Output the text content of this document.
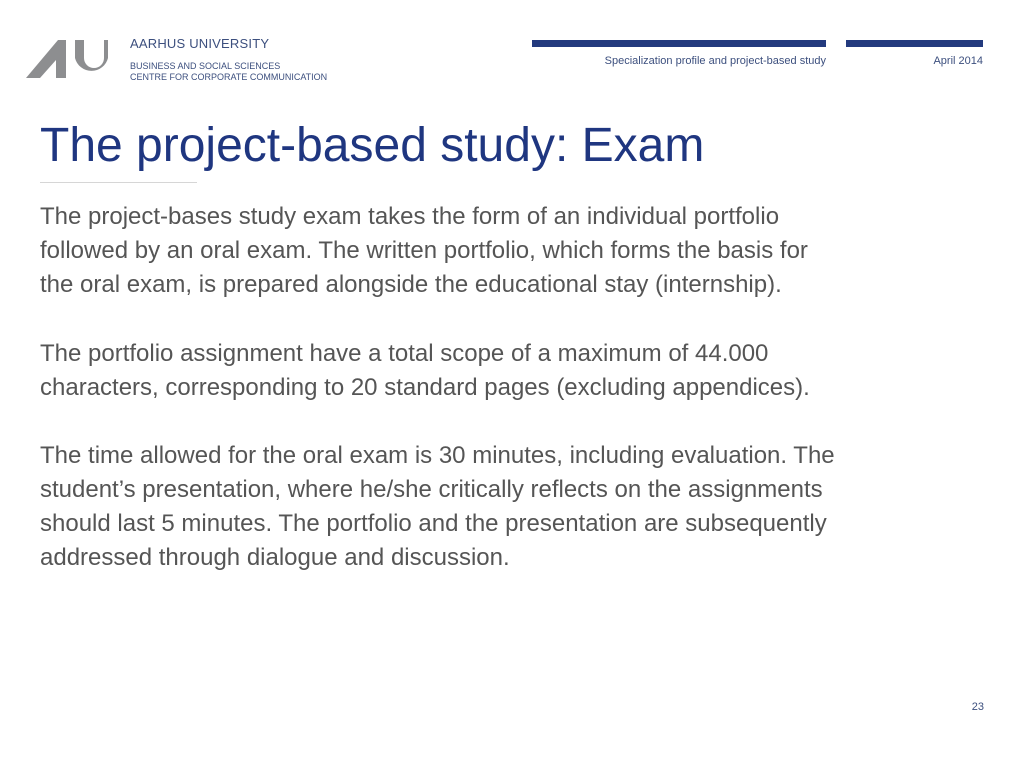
AARHUS UNIVERSITY
BUSINESS AND SOCIAL SCIENCES
CENTRE FOR CORPORATE COMMUNICATION
Specialization profile and project-based study	April 2014
The project-based study: Exam

The project-bases study exam takes the form of an individual portfolio

followed by an oral exam. The written portfolio, which forms the basis for

the oral exam, is prepared alongside the educational stay (internship).

The portfolio assignment have a total scope of a maximum of 44.000

characters, corresponding to 20 standard pages (excluding appendices).

The time allowed for the oral exam is 30 minutes, including evaluation. The

student’s presentation, where he/she critically reflects on the assignments

should last 5 minutes. The portfolio and the presentation are subsequently

addressed through dialogue and discussion.

23
